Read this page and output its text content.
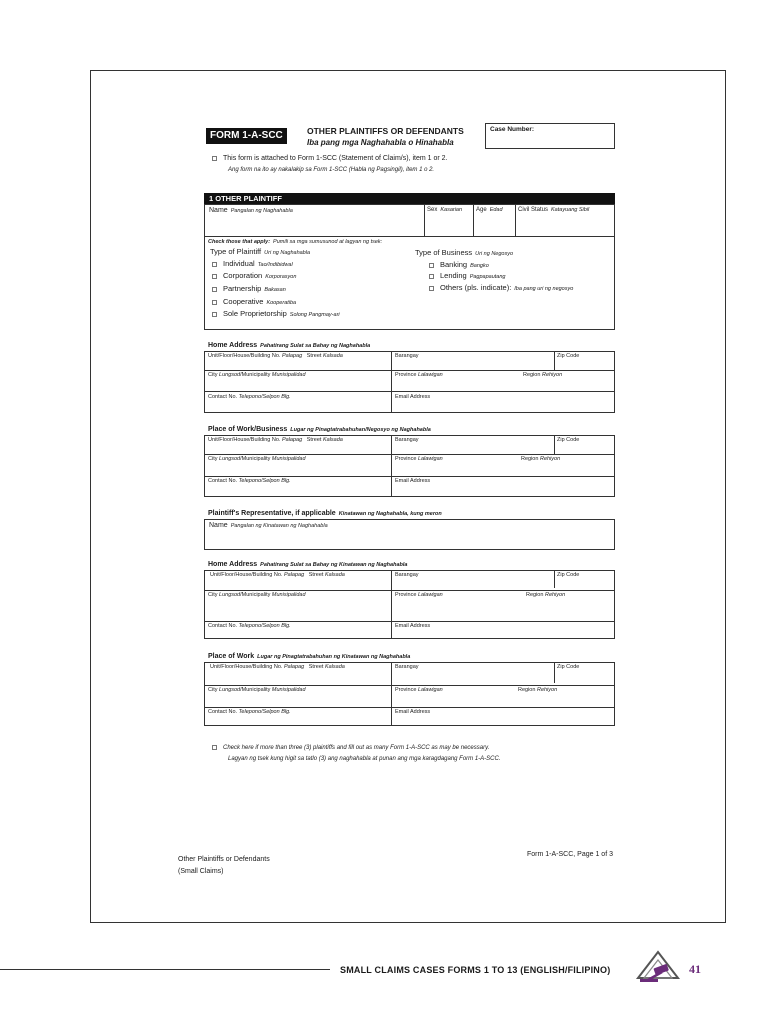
FORM 1-A-SCC	OTHER PLAINTIFFS OR DEFENDANTS
Iba pang mga Naghahabla o Hinahabla
Case Number:
This form is attached to Form 1-SCC (Statement of Claim/s), item 1 or 2.
Ang form na ito ay nakalakip sa Form 1-SCC (Habla ng Pagsingil), item 1 o 2.
1 OTHER PLAINTIFF
Name Pangalan ng Naghahabla	Sex Kasarian Age Edad	Civil Status Katayuang Sibil
Check those that apply: Pumili sa mga sumusunod at lagyan ng tsek:
Type of Plaintiff Uri ng Naghahabla	Type of Business Uri ng Negosyo
Individual Tao/Indibidwal
Corporation Korporasyon
Partnership Bakasan
Cooperative Kooperatiba
Sole Proprietorship Solong Pangmay-ari
Banking Bangko
Lending Pagpapautang
Others (pls. indicate): Iba pang uri ng negosyo
Home Address Pahatirang Sulat sa Bahay ng Naghahabla
Unit/Floor/House/Building No. Palapag Street Kalsada	Barangay	Zip Code
City Lungsod/Municipality Munisipalidad	Province Lalawigan	Region Rehiyon
Contact No. Telepono/Selpon Blg.	Email Address
Place of Work/Business Lugar ng Pinagtatrabahuhan/Negosyo ng Naghahabla
Unit/Floor/House/Building No. Palapag Street Kalsada	Barangay	Zip Code
City Lungsod/Municipality Munisipalidad	Province Lalawigan	Region Rehiyon
Contact No. Telepono/Selpon Blg.	Email Address
Plaintiff's Representative, if applicable Kinatawan ng Naghahabla, kung meron
Name Pangalan ng Kinatawan ng Naghahabla
Home Address Pahatirang Sulat sa Bahay ng Kinatawan ng Naghahabla
Unit/Floor/House/Building No. Palapag Street Kalsada	Barangay	Zip Code
City Lungsod/Municipality Munisipalidad	Province Lalawigan	Region Rehiyon
Contact No. Telepono/Selpon Blg.	Email Address
Place of Work Lugar ng Pinagtatrabahuhan ng Kinatawan ng Naghahabla
Unit/Floor/House/Building No. Palapag Street Kalsada	Barangay	Zip Code
City Lungsod/Municipality Munisipalidad	Province Lalawigan	Region Rehiyon
Contact No. Telepono/Selpon Blg.	Email Address
Check here if more than three (3) plaintiffs and fill out as many Form 1-A-SCC as may be necessary.
Lagyan ng tsek kung higit sa tatlo (3) ang naghahabla at punan ang mga karagdagang Form 1-A-SCC.
Other Plaintiffs or Defendants
(Small Claims)
Form 1-A-SCC, Page 1 of 3
SMALL CLAIMS CASES FORMS 1 TO 13 (ENGLISH/FILIPINO)	41
